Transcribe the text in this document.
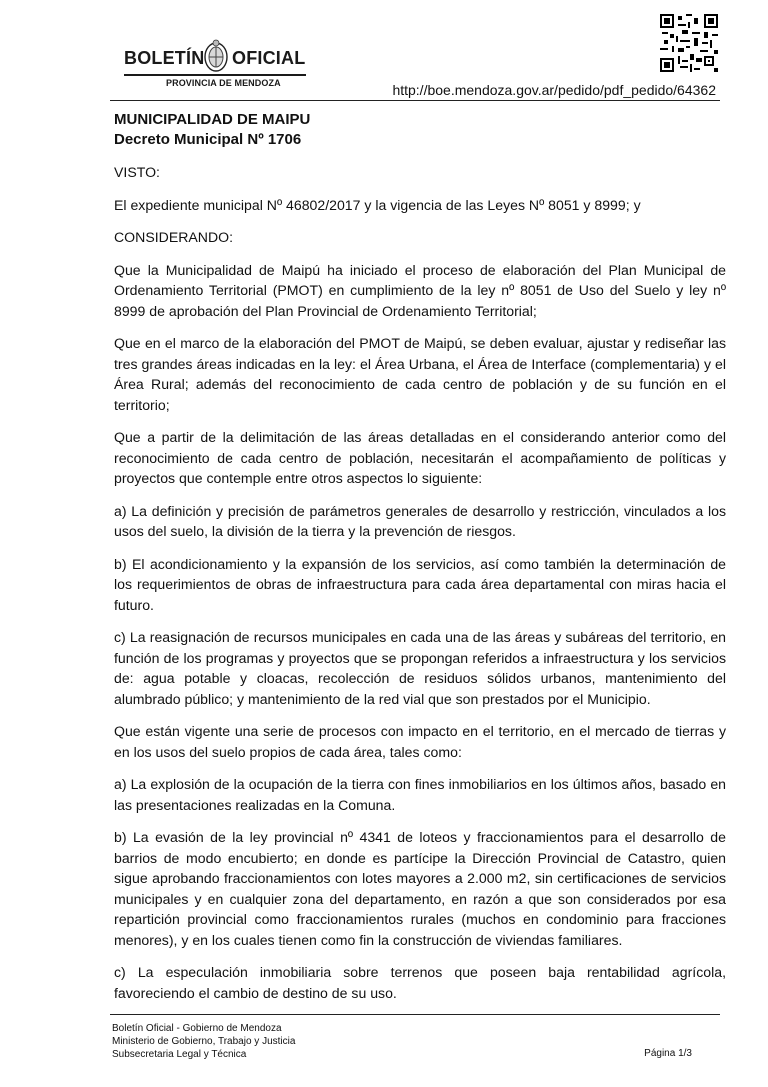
BOLETÍN OFICIAL
PROVINCIA DE MENDOZA	http://boe.mendoza.gov.ar/pedido/pdf_pedido/64362
MUNICIPALIDAD DE MAIPU
Decreto Municipal Nº 1706

VISTO:

El expediente municipal Nº 46802/2017 y la vigencia de las Leyes Nº 8051 y 8999; y

CONSIDERANDO:

Que la Municipalidad de Maipú ha iniciado el proceso de elaboración del Plan Municipal de Ordenamiento Territorial (PMOT) en cumplimiento de la ley nº 8051 de Uso del Suelo y ley nº 8999 de aprobación del Plan Provincial de Ordenamiento Territorial;

Que en el marco de la elaboración del PMOT de Maipú, se deben evaluar, ajustar y rediseñar las tres grandes áreas indicadas en la ley: el Área Urbana, el Área de Interface (complementaria) y el Área Rural; además del reconocimiento de cada centro de población y de su función en el territorio;

Que a partir de la delimitación de las áreas detalladas en el considerando anterior como del reconocimiento de cada centro de población, necesitarán el acompañamiento de políticas y proyectos que contemple entre otros aspectos lo siguiente:

a) La definición y precisión de parámetros generales de desarrollo y restricción, vinculados a los usos del suelo, la división de la tierra y la prevención de riesgos.

b) El acondicionamiento y la expansión de los servicios, así como también la determinación de los requerimientos de obras de infraestructura para cada área departamental con miras hacia el futuro.

c) La reasignación de recursos municipales en cada una de las áreas y subáreas del territorio, en función de los programas y proyectos que se propongan referidos a infraestructura y los servicios de: agua potable y cloacas, recolección de residuos sólidos urbanos, mantenimiento del alumbrado público; y mantenimiento de la red vial que son prestados por el Municipio.

Que están vigente una serie de procesos con impacto en el territorio, en el mercado de tierras y en los usos del suelo propios de cada área, tales como:

a) La explosión de la ocupación de la tierra con fines inmobiliarios en los últimos años, basado en las presentaciones realizadas en la Comuna.

b) La evasión de la ley provincial nº 4341 de loteos y fraccionamientos para el desarrollo de barrios de modo encubierto; en donde es partícipe la Dirección Provincial de Catastro, quien sigue aprobando fraccionamientos con lotes mayores a 2.000 m2, sin certificaciones de servicios municipales y en cualquier zona del departamento, en razón a que son considerados por esa repartición provincial como fraccionamientos rurales (muchos en condominio para fracciones menores), y en los cuales tienen como fin la construcción de viviendas familiares.

c) La especulación inmobiliaria sobre terrenos que poseen baja rentabilidad agrícola, favoreciendo el cambio de destino de su uso.

Boletín Oficial - Gobierno de Mendoza
Ministerio de Gobierno, Trabajo y Justicia
Subsecretaria Legal y Técnica	Página 1/3
